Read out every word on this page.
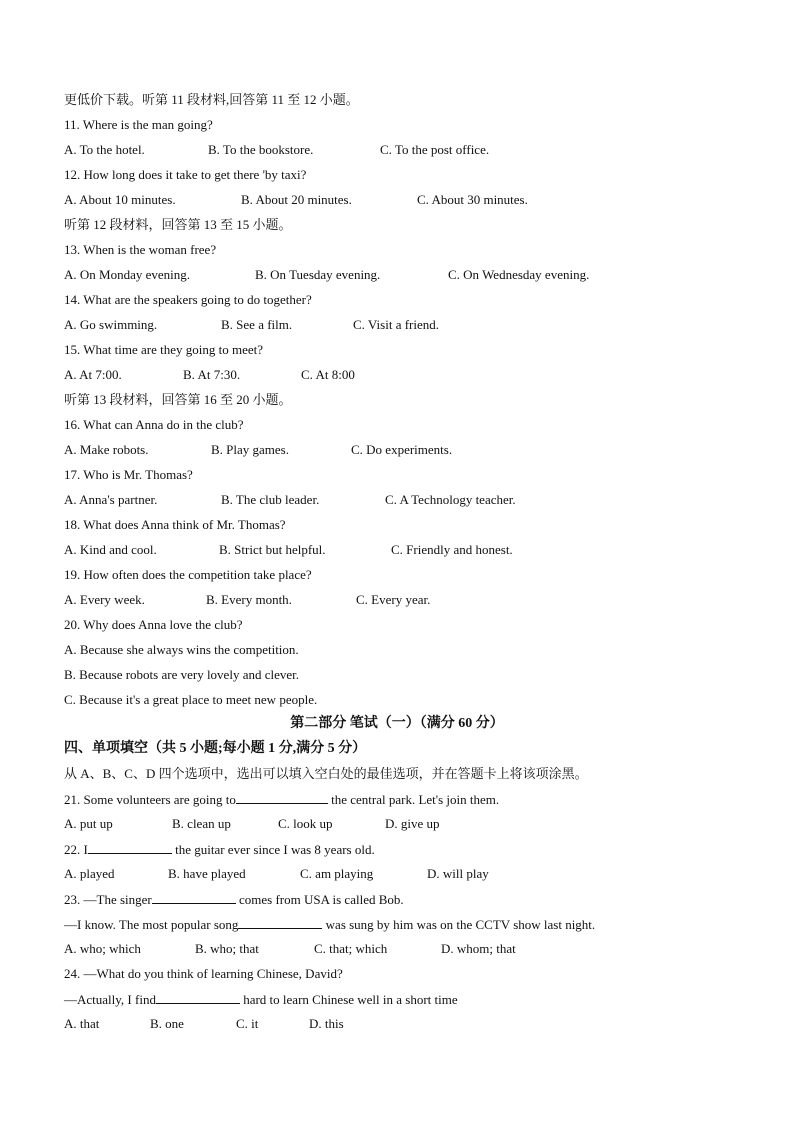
更低价下载。听第 11 段材料,回答第 11 至 12 小题。
11. Where is the man going?
A. To the hotel.	B. To the bookstore.	C. To the post office.
12. How long does it take to get there 'by taxi?
A. About 10 minutes.	B. About 20 minutes.	C. About 30 minutes.
听第 12 段材料，回答第 13 至 15 小题。
13. When is the woman free?
A. On Monday evening.	B. On Tuesday evening.	C. On Wednesday evening.
14. What are the speakers going to do together?
A. Go swimming.	B. See a film.	C. Visit a friend.
15. What time are they going to meet?
A. At 7:00.	B. At 7:30.	C. At 8:00
听第 13 段材料，回答第 16 至 20 小题。
16. What can Anna do in the club?
A. Make robots.	B. Play games.	C. Do experiments.
17. Who is Mr. Thomas?
A. Anna's partner.	B. The club leader.	C. A Technology teacher.
18. What does Anna think of Mr. Thomas?
A. Kind and cool.	B. Strict but helpful.	C. Friendly and honest.
19. How often does the competition take place?
A. Every week.	B. Every month.	C. Every year.
20. Why does Anna love the club?
A. Because she always wins the competition.
B. Because robots are very lovely and clever.
C. Because it's a great place to meet new people.
第二部分 笔试（一）（满分 60 分）
四、单项填空（共 5 小题;每小题 1 分,满分 5 分）
从 A、B、C、D 四个选项中，选出可以填入空白处的最佳选项，并在答题卡上将该项涂黑。
21. Some volunteers are going to	the central park. Let's join them.
A. put up	B. clean up	C. look up	D. give up
22. I	the guitar ever since I was 8 years old.
A. played	B. have played	C. am playing	D. will play
23. —The singer	comes from USA is called Bob.
—I know. The most popular song	was sung by him was on the CCTV show last night.
A. who; which	B. who; that	C. that; which	D. whom; that
24. —What do you think of learning Chinese, David?
—Actually, I find	hard to learn Chinese well in a short time
A. that	B. one	C. it	D. this
